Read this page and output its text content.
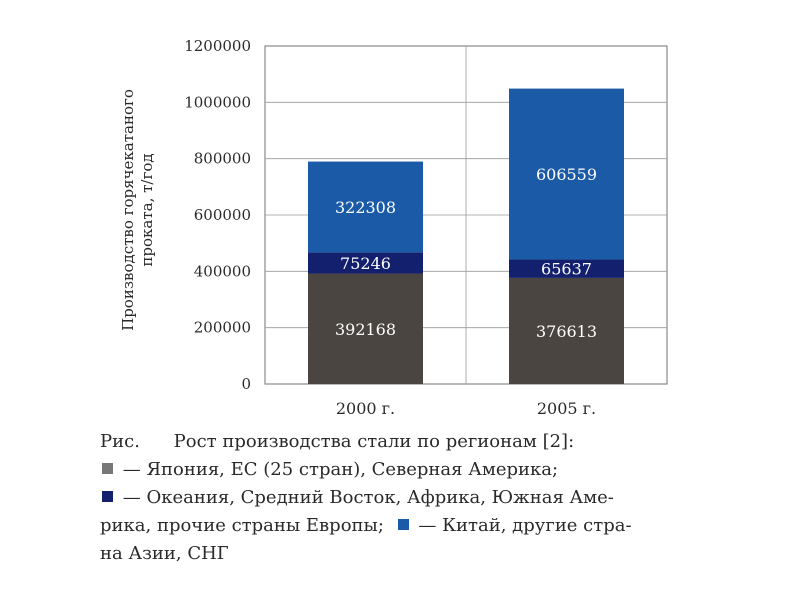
0
200000
400000
600000
800000
1000000
1200000
392168
75246
322308
2000 г.
376613
65637
606559
2005 г.
Производство горячекатаного
проката, т/год
Рис. Рост производства стали по регионам [2]:
— Япония, ЕС (25 стран), Северная Америка;
— Океания, Средний Восток, Африка, Южная Аме-
рика, прочие страны Европы; — Китай, другие стра-
на Азии, СНГ
